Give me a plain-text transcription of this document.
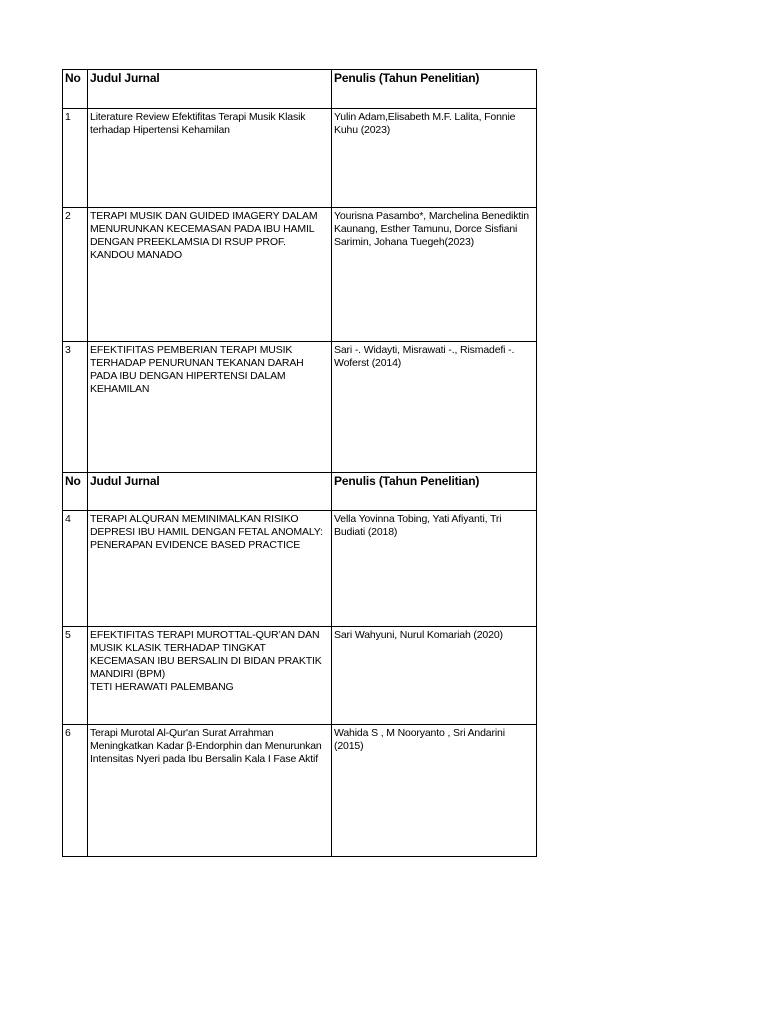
No	Judul Jurnal	Penulis (Tahun Penelitian)
1	Literature Review Efektifitas Terapi Musik Klasik terhadap Hipertensi Kehamilan	Yulin Adam,Elisabeth M.F. Lalita, Fonnie Kuhu (2023)
2	TERAPI MUSIK DAN GUIDED IMAGERY DALAM MENURUNKAN KECEMASAN PADA IBU HAMIL DENGAN PREEKLAMSIA DI RSUP PROF. KANDOU MANADO	Yourisna Pasambo*, Marchelina Benediktin Kaunang, Esther Tamunu, Dorce Sisfiani Sarimin, Johana Tuegeh(2023)
3	EFEKTIFITAS PEMBERIAN TERAPI MUSIK TERHADAP PENURUNAN TEKANAN DARAH PADA IBU DENGAN HIPERTENSI DALAM KEHAMILAN	Sari -. Widayti, Misrawati -., Rismadefi -. Woferst (2014)
No	Judul Jurnal	Penulis (Tahun Penelitian)
4	TERAPI ALQURAN MEMINIMALKAN RISIKO DEPRESI IBU HAMIL DENGAN FETAL ANOMALY: PENERAPAN EVIDENCE BASED PRACTICE	Vella Yovinna Tobing, Yati Afiyanti, Tri Budiati (2018)
5	EFEKTIFITAS TERAPI MUROTTAL-QUR’AN DAN MUSIK KLASIK TERHADAP TINGKAT KECEMASAN IBU BERSALIN DI BIDAN PRAKTIK MANDIRI (BPM)
TETI HERAWATI PALEMBANG	Sari Wahyuni, Nurul Komariah (2020)
6	Terapi Murotal Al-Qur'an Surat Arrahman Meningkatkan Kadar β-Endorphin dan Menurunkan Intensitas Nyeri pada Ibu Bersalin Kala I Fase Aktif	Wahida S , M Nooryanto , Sri Andarini (2015)
